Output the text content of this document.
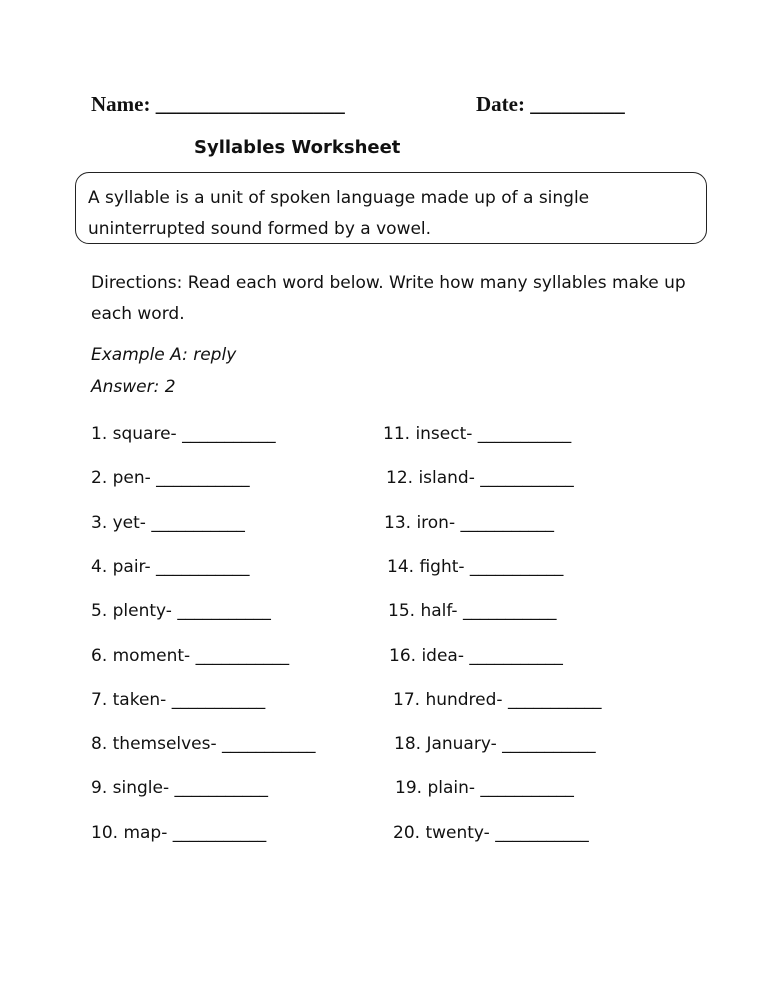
Name: __________________	Date: _________
Syllables Worksheet
A syllable is a unit of spoken language made up of a single uninterrupted sound formed by a vowel.
Directions: Read each word below. Write how many syllables make up each word.
Example A: reply
Answer: 2
1. square- ___________
2. pen- ___________
3. yet- ___________
4. pair- ___________
5. plenty- ___________
6. moment- ___________
7. taken- ___________
8. themselves- ___________
9. single- ___________
10. map- ___________
11. insect- ___________
12. island- ___________
13. iron- ___________
14. fight- ___________
15. half- ___________
16. idea- ___________
17. hundred- ___________
18. January- ___________
19. plain- ___________
20. twenty- ___________
